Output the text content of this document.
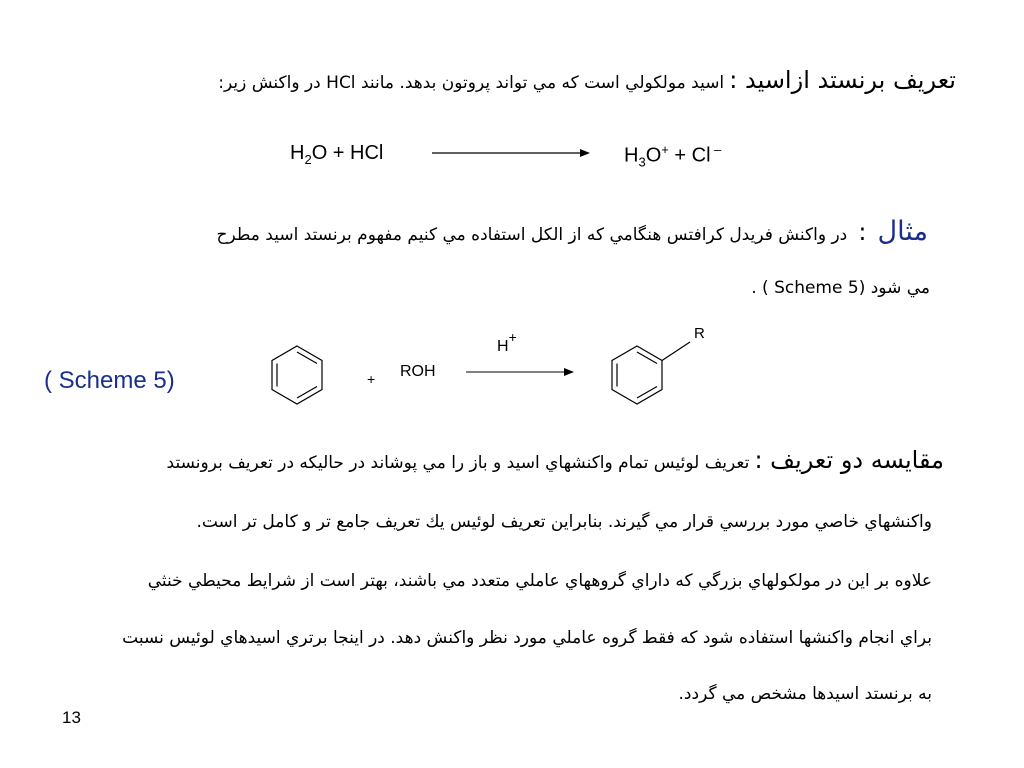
تعريف برنستد ازاسيد : اسيد مولكولي است كه مي تواند پروتون بدهد. مانند HCl در واكنش زير:
$H_2O$ + HCl	$H_3O^+ + Cl$ –
مثال : در واكنش فريدل كرافتس هنگامي كه از الكل استفاده مي كنيم مفهوم برنستد اسيد مطرح
مي شود (Scheme 5 ) .
( Scheme 5)	+ ROH
H+	R
مقايسه دو تعريف : تعريف لوئيس تمام واكنشهاي اسيد و باز را مي پوشاند در حاليكه در تعريف برونستد
واكنشهاي خاصي مورد بررسي قرار مي گيرند. بنابراين تعريف لوئيس يك تعريف جامع تر و كامل تر است.
علاوه بر اين در مولكولهاي بزرگي كه داراي گروههاي عاملي متعدد مي باشند، بهتر است از شرايط محيطي خنثي
براي انجام واكنشها استفاده شود كه فقط گروه عاملي مورد نظر واكنش دهد. در اينجا برتري اسيدهاي لوئيس نسبت
به برنستد اسيدها مشخص مي گردد.
13
